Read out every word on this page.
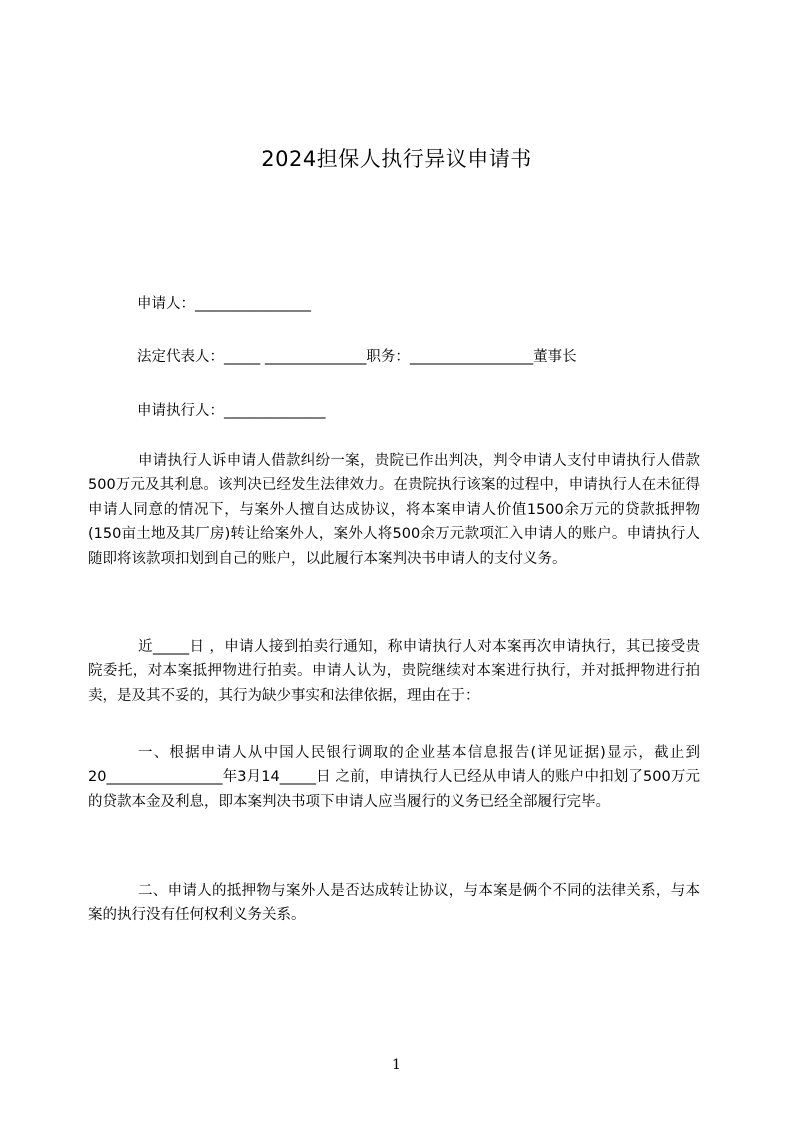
2024担保人执行异议申请书
申请人：________________
法定代表人：_____ ______________职务：_________________董事长
申请执行人：______________
申请执行人诉申请人借款纠纷一案，贵院已作出判决，判令申请人支付申请执行人借款500万元及其利息。该判决已经发生法律效力。在贵院执行该案的过程中，申请执行人在未征得申请人同意的情况下，与案外人擅自达成协议，将本案申请人价值1500余万元的贷款抵押物(150亩土地及其厂房)转让给案外人，案外人将500余万元款项汇入申请人的账户。申请执行人随即将该款项扣划到自己的账户，以此履行本案判决书申请人的支付义务。
近_____日 ，申请人接到拍卖行通知，称申请执行人对本案再次申请执行，其已接受贵院委托，对本案抵押物进行拍卖。申请人认为，贵院继续对本案进行执行，并对抵押物进行拍卖，是及其不妥的，其行为缺少事实和法律依据，理由在于：
一、根据申请人从中国人民银行调取的企业基本信息报告(详见证据)显示，截止到20________________年3月14_____日 之前，申请执行人已经从申请人的账户中扣划了500万元的贷款本金及利息，即本案判决书项下申请人应当履行的义务已经全部履行完毕。
二、申请人的抵押物与案外人是否达成转让协议，与本案是俩个不同的法律关系，与本案的执行没有任何权利义务关系。
1
